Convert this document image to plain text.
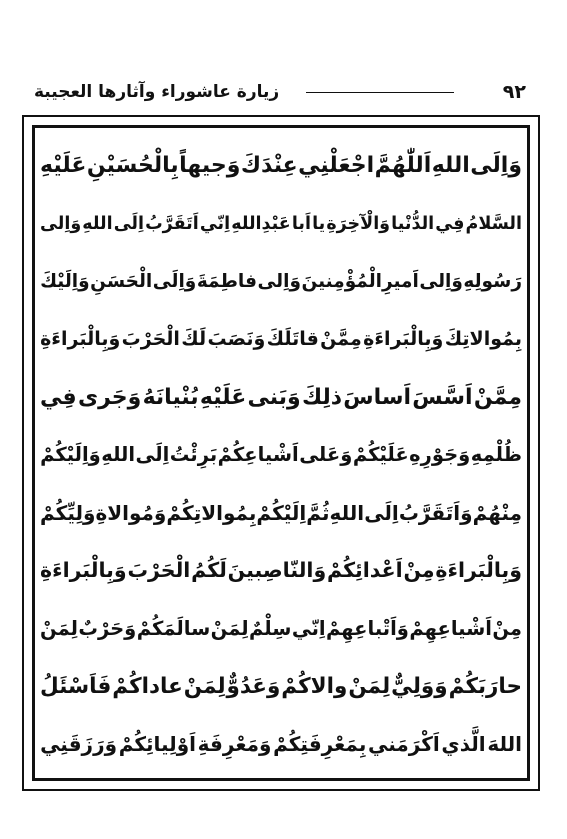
٩٢
زيارة عاشوراء وآثارها العجيبة
وَاِلَى
اللهِ
اَللّٰهُمَّ
اجْعَلْنِي
عِنْدَكَ
وَجيهاً
بِالْحُسَيْنِ
عَلَيْهِ
السَّلامُ
فِي
الدُّنْيا
وَالْآخِرَةِ
يا
اَبا
عَبْدِاللهِ
اِنّي
اَتَقَرَّبُ
اِلَى
اللهِ
وَاِلى
رَسُولِهِ
وَاِلى
اَميرِالْمُؤْمِنينَ
وَاِلى
فاطِمَةَ
وَاِلَى
الْحَسَنِ
وَاِلَيْكَ
بِمُوالاتِكَ
وَبِالْبَراءَةِ
مِمَّنْ
قاتَلَكَ
وَنَصَبَ
لَكَ
الْحَرْبَ
وَبِالْبَراءَةِ
مِمَّنْ
اَسَّسَ
اَساسَ
ذلِكَ
وَبَنى
عَلَيْهِ
بُنْيانَهُ
وَجَرى
فِي
ظُلْمِهِ
وَجَوْرِهِ
عَلَيْكُمْ
وَعَلى
اَشْياعِكُمْ
بَرِئْتُ
اِلَى
اللهِ
وَاِلَيْكُمْ
مِنْهُمْ
وَاَتَقَرَّبُ
اِلَى
اللهِ
ثُمَّ
اِلَيْكُمْ
بِمُوالاتِكُمْ
وَمُوالاةِ
وَلِيِّكُمْ
وَبِالْبَراءَةِ
مِنْ
اَعْدائِكُمْ
وَالنّاصِبينَ
لَكُمُ
الْحَرْبَ
وَبِالْبَراءَةِ
مِنْ
اَشْياعِهِمْ
وَاَتْباعِهِمْ
اِنّي
سِلْمٌ
لِمَنْ
سالَمَكُمْ
وَحَرْبٌ
لِمَنْ
حارَبَكُمْ
وَوَلِيٌّ
لِمَنْ
والاكُمْ
وَعَدُوٌّ
لِمَنْ
عاداكُمْ
فَاَسْئَلُ
اللهَ
الَّذي
اَكْرَمَني
بِمَعْرِفَتِكُمْ
وَمَعْرِفَةِ
اَوْلِيائِكُمْ
وَرَزَقَنِي
